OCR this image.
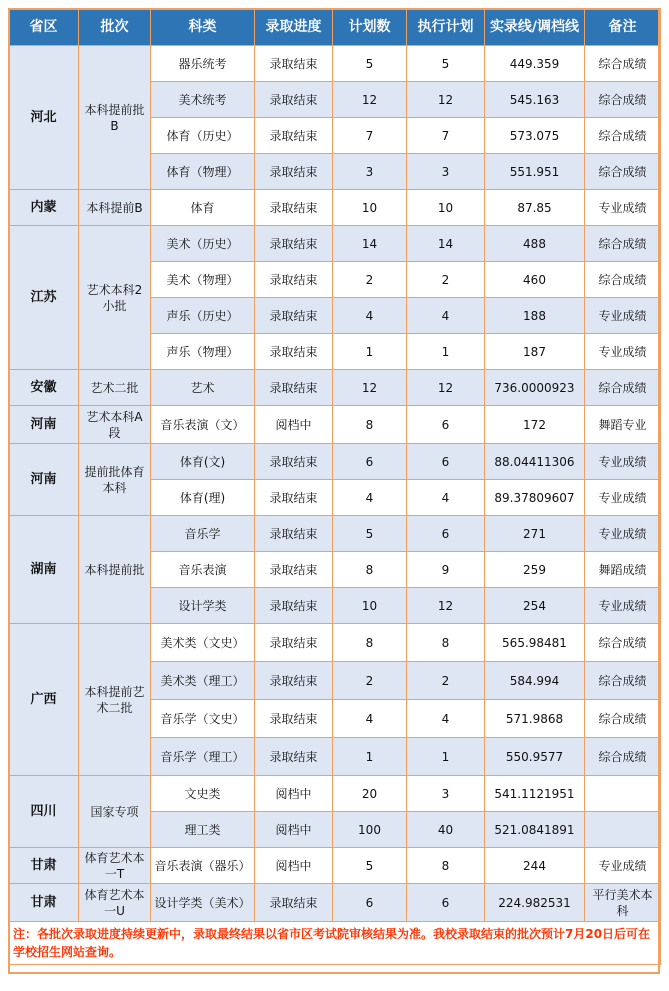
省区	批次	科类	录取进度	计划数	执行计划	实录线/调档线	备注
河北	本科提前批B	器乐统考	录取结束	5	5	449.359	综合成绩
		美术统考	录取结束	12	12	545.163	综合成绩
		体育（历史）	录取结束	7	7	573.075	综合成绩
		体育（物理）	录取结束	3	3	551.951	综合成绩
内蒙	本科提前B	体育	录取结束	10	10	87.85	专业成绩
江苏	艺术本科2小批	美术（历史）	录取结束	14	14	488	综合成绩
		美术（物理）	录取结束	2	2	460	综合成绩
		声乐（历史）	录取结束	4	4	188	专业成绩
		声乐（物理）	录取结束	1	1	187	专业成绩
安徽	艺术二批	艺术	录取结束	12	12	736.0000923	综合成绩
河南	艺术本科A段	音乐表演（文）	阅档中	8	6	172	舞蹈专业
河南	提前批体育本科	体育(文)	录取结束	6	6	88.04411306	专业成绩
		体育(理)	录取结束	4	4	89.37809607	专业成绩
湖南	本科提前批	音乐学	录取结束	5	6	271	专业成绩
		音乐表演	录取结束	8	9	259	舞蹈成绩
		设计学类	录取结束	10	12	254	专业成绩
广西	本科提前艺术二批	美术类（文史）	录取结束	8	8	565.98481	综合成绩
		美术类（理工）	录取结束	2	2	584.994	综合成绩
		音乐学（文史）	录取结束	4	4	571.9868	综合成绩
		音乐学（理工）	录取结束	1	1	550.9577	综合成绩
四川	国家专项	文史类	阅档中	20	3	541.1121951	
		理工类	阅档中	100	40	521.0841891	
甘肃	体育艺术本一T	音乐表演（器乐）	阅档中	5	8	244	专业成绩
甘肃	体育艺术本一U	设计学类（美术）	录取结束	6	6	224.982531	平行美术本科
注：各批次录取进度持续更新中，录取最终结果以省市区考试院审核结果为准。我校录取结束的批次预计7月20日后可在学校招生网站查询。							
